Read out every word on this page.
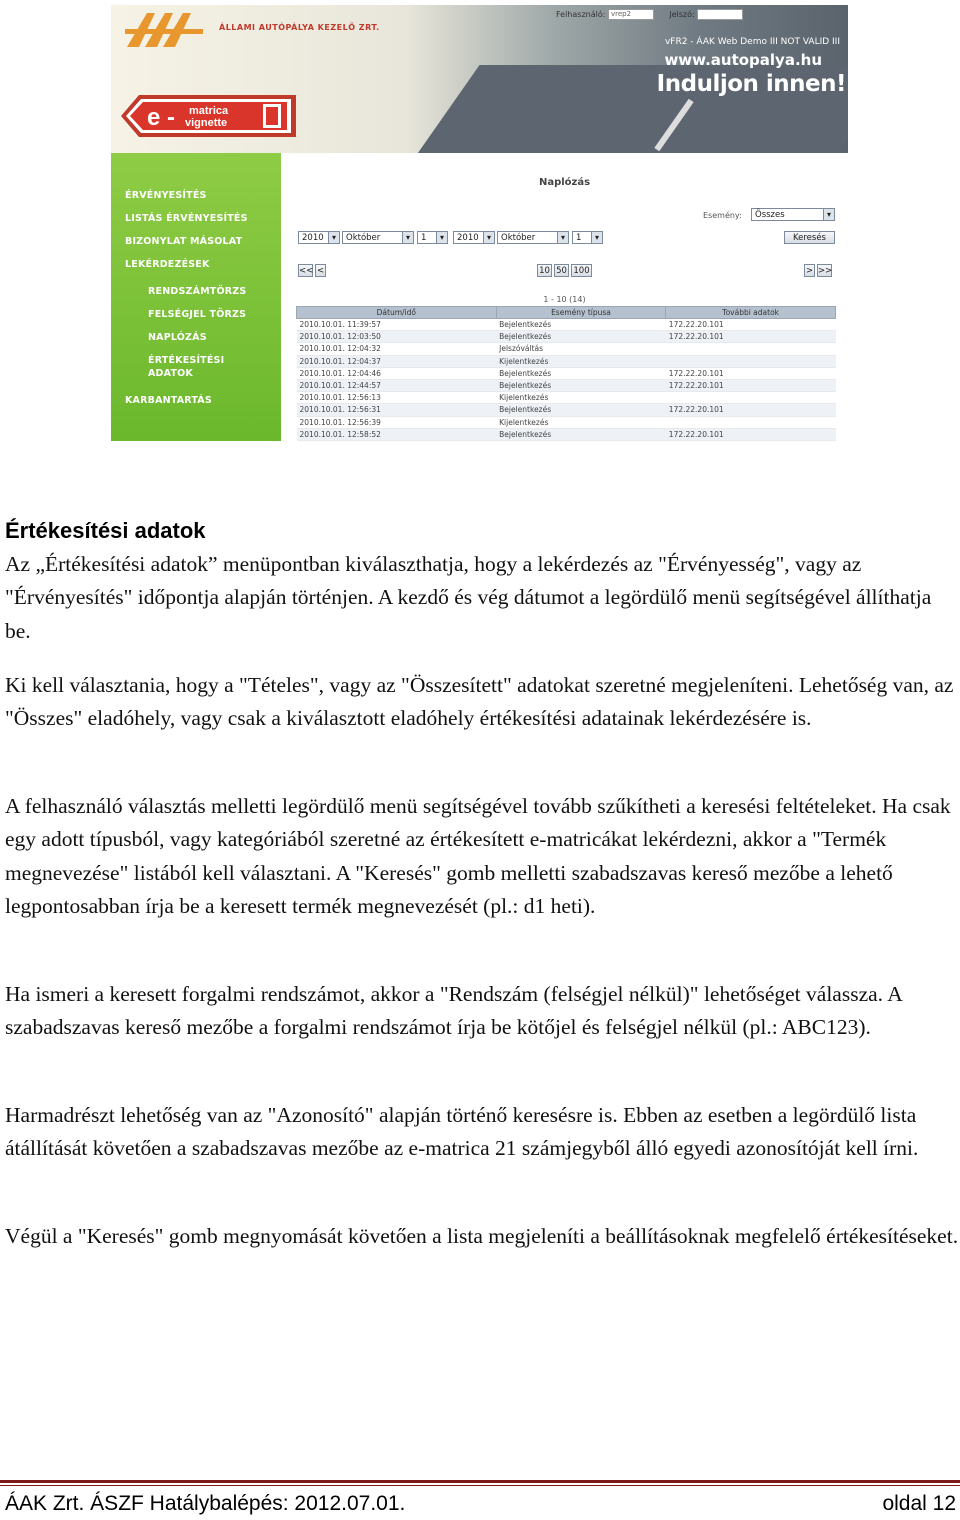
ÁLLAMI AUTÓPÁLYA KEZELŐ ZRT.
Felhasználó: vrep2	Jelszó:
vFR2 - ÁAK Web Demo III NOT VALID III
www.autopalya.hu
Induljon innen!
e - matrica
vignette
ÉRVÉNYESÍTÉS
LISTÁS ÉRVÉNYESÍTÉS
BIZONYLAT MÁSOLAT
LEKÉRDEZÉSEK
RENDSZÁMTÖRZS
FELSÉGJEL TÖRZS
NAPLÓZÁS
ÉRTÉKESÍTÉSI
ADATOK
KARBANTARTÁS
Naplózás
Esemény:	Összes ▾
2010 ▾	Október ▾	1 ▾	2010 ▾	Október ▾	1 ▾	Keresés
<< <	10 50 100	> >>
1 - 10 (14)
Dátum/idő	Esemény típusa	További adatok
2010.10.01. 11:39:57	Bejelentkezés	172.22.20.101
2010.10.01. 12:03:50	Bejelentkezés	172.22.20.101
2010.10.01. 12:04:32	Jelszóváltás	
2010.10.01. 12:04:37	Kijelentkezés	
2010.10.01. 12:04:46	Bejelentkezés	172.22.20.101
2010.10.01. 12:44:57	Bejelentkezés	172.22.20.101
2010.10.01. 12:56:13	Kijelentkezés	
2010.10.01. 12:56:31	Bejelentkezés	172.22.20.101
2010.10.01. 12:56:39	Kijelentkezés	
2010.10.01. 12:58:52	Bejelentkezés	172.22.20.101
Értékesítési adatok

Az „Értékesítési adatok” menüpontban kiválaszthatja, hogy a lekérdezés az "Érvényesség", vagy az "Érvényesítés" időpontja alapján történjen. A kezdő és vég dátumot a legördülő menü segítségével állíthatja be.

Ki kell választania, hogy a "Tételes", vagy az "Összesített" adatokat szeretné megjeleníteni. Lehetőség van, az "Összes" eladóhely, vagy csak a kiválasztott eladóhely értékesítési adatainak lekérdezésére is.

A felhasználó választás melletti legördülő menü segítségével tovább szűkítheti a keresési feltételeket. Ha csak egy adott típusból, vagy kategóriából szeretné az értékesített e-matricákat lekérdezni, akkor a "Termék megnevezése" listából kell választani. A "Keresés" gomb melletti szabadszavas kereső mezőbe a lehető legpontosabban írja be a keresett termék megnevezését (pl.: d1 heti).

Ha ismeri a keresett forgalmi rendszámot, akkor a "Rendszám (felségjel nélkül)" lehetőséget válassza. A szabadszavas kereső mezőbe a forgalmi rendszámot írja be kötőjel és felségjel nélkül (pl.: ABC123).

Harmadrészt lehetőség van az "Azonosító" alapján történő keresésre is. Ebben az esetben a legördülő lista átállítását követően a szabadszavas mezőbe az e-matrica 21 számjegyből álló egyedi azonosítóját kell írni.

Végül a "Keresés" gomb megnyomását követően a lista megjeleníti a beállításoknak megfelelő értékesítéseket.

ÁAK Zrt. ÁSZF Hatálybalépés: 2012.07.01.	oldal 12
